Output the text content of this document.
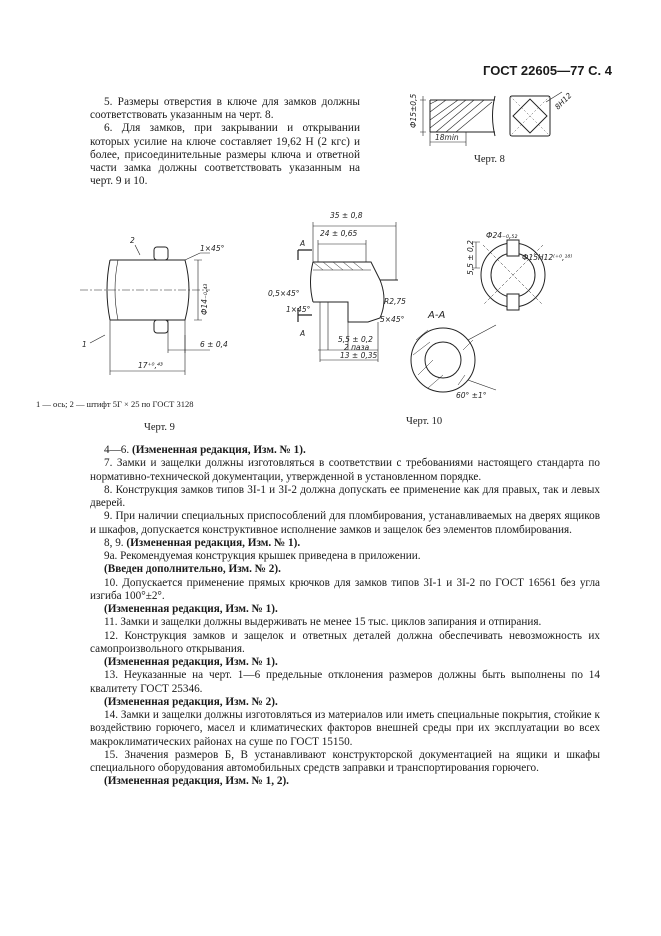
ГОСТ 22605—77 С. 4

5. Размеры отверстия в ключе для замков должны соответствовать указанным на черт. 8.

6. Для замков, при закрывании и открывании которых усилие на ключе составляет 19,62 Н (2 кгс) и более, присоединительные размеры ключа и ответной части замка должны соответствовать указанным на черт. 9 и 10.

Ф15±0,5
18min
8H12
Черт. 8
2
1
1×45°
Ф14₋₀,₄₃
6 ± 0,4
17⁺⁰,⁴³
1 — ось; 2 — штифт 5Г × 25 по ГОСТ 3128
Черт. 9
35 ± 0,8
24 ± 0,65
А
А
0,5×45°
1×45°
R2,75
5×45°
5,5 ± 0,2
2 паза
13 ± 0,35
А-А
Ф24₋₀,₅₂
Ф15H12⁽⁺⁰,¹⁸⁾
5,5 ± 0,2
60° ±1°
Черт. 10

4—6. (Измененная редакция, Изм. № 1).

7. Замки и защелки должны изготовляться в соответствии с требованиями настоящего стандарта по нормативно-технической документации, утвержденной в установленном порядке.

8. Конструкция замков типов 3I-1 и 3I-2 должна допускать ее применение как для правых, так и левых дверей.

9. При наличии специальных приспособлений для пломбирования, устанавливаемых на дверях ящиков и шкафов, допускается конструктивное исполнение замков и защелок без элементов пломбирования.

8, 9. (Измененная редакция, Изм. № 1).

9а. Рекомендуемая конструкция крышек приведена в приложении.

(Введен дополнительно, Изм. № 2).

10. Допускается применение прямых крючков для замков типов 3I-1 и 3I-2 по ГОСТ 16561 без угла изгиба 100°±2°.

(Измененная редакция, Изм. № 1).

11. Замки и защелки должны выдерживать не менее 15 тыс. циклов запирания и отпирания.

12. Конструкция замков и защелок и ответных деталей должна обеспечивать невозможность их самопроизвольного открывания.

(Измененная редакция, Изм. № 1).

13. Неуказанные на черт. 1—6 предельные отклонения размеров должны быть выполнены по 14 квалитету ГОСТ 25346.

(Измененная редакция, Изм. № 2).

14. Замки и защелки должны изготовляться из материалов или иметь специальные покрытия, стойкие к воздействию горючего, масел и климатических факторов внешней среды при их эксплуатации во всех макроклиматических районах на суше по ГОСТ 15150.

15. Значения размеров Б, В устанавливают конструкторской документацией на ящики и шкафы специального оборудования автомобильных средств заправки и транспортирования горючего.

(Измененная редакция, Изм. № 1, 2).
